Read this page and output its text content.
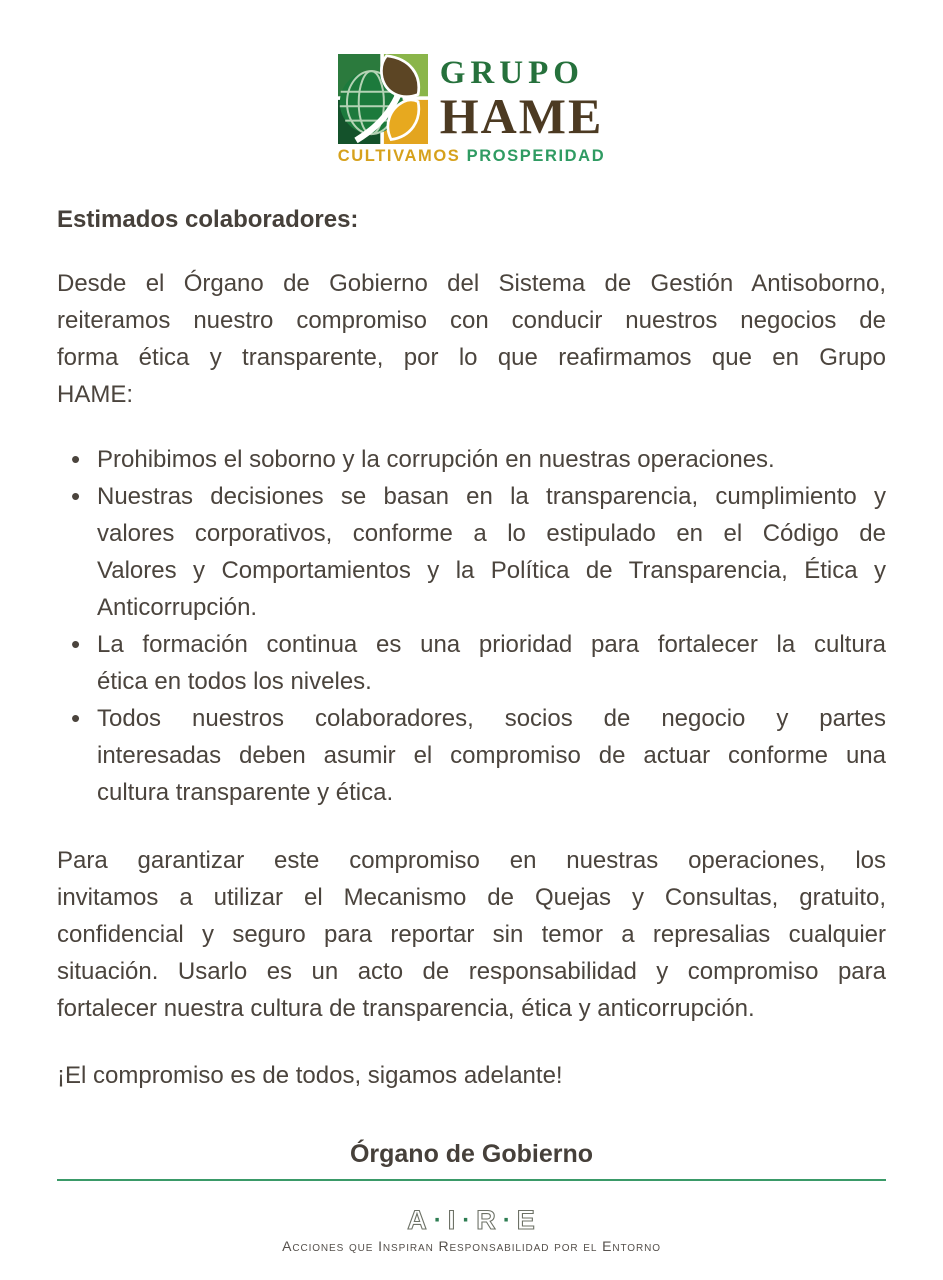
GRUPO
HAME
CULTIVAMOS PROSPERIDAD
Estimados colaboradores:
Desde el Órgano de Gobierno del Sistema de Gestión Antisoborno,
reiteramos nuestro compromiso con conducir nuestros negocios de
forma ética y transparente, por lo que reafirmamos que en Grupo
HAME:
• Prohibimos el soborno y la corrupción en nuestras operaciones.
• Nuestras decisiones se basan en la transparencia, cumplimiento y
valores corporativos, conforme a lo estipulado en el Código de
Valores y Comportamientos y la Política de Transparencia, Ética y
Anticorrupción.
• La formación continua es una prioridad para fortalecer la cultura
ética en todos los niveles.
• Todos nuestros colaboradores, socios de negocio y partes
interesadas deben asumir el compromiso de actuar conforme una
cultura transparente y ética.
Para garantizar este compromiso en nuestras operaciones, los
invitamos a utilizar el Mecanismo de Quejas y Consultas, gratuito,
confidencial y seguro para reportar sin temor a represalias cualquier
situación. Usarlo es un acto de responsabilidad y compromiso para
fortalecer nuestra cultura de transparencia, ética y anticorrupción.
¡El compromiso es de todos, sigamos adelante!
Órgano de Gobierno
A · I · R · E
Acciones que Inspiran Responsabilidad por el Entorno
